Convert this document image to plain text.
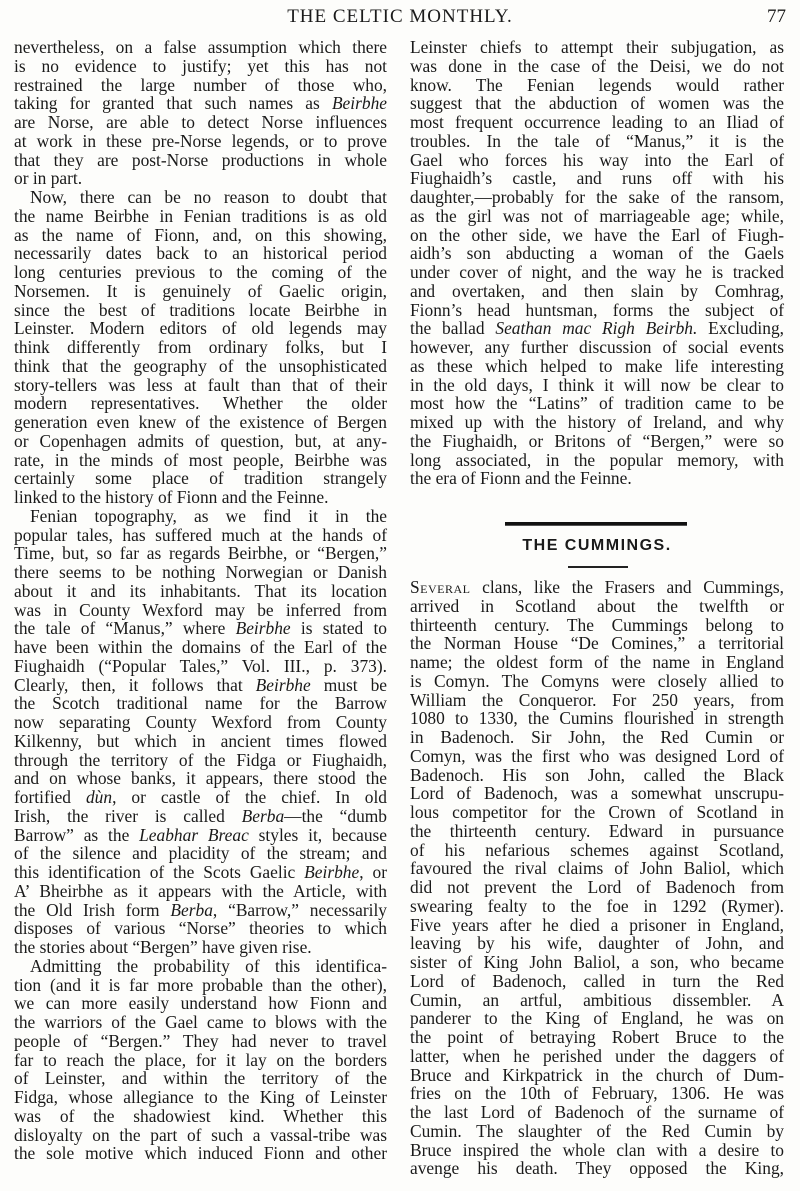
THE CELTIC MONTHLY.	77
nevertheless, on a false assumption which there
is no evidence to justify; yet this has not
restrained the large number of those who,
taking for granted that such names as Beirbhe
are Norse, are able to detect Norse influences
at work in these pre-Norse legends, or to prove
that they are post-Norse productions in whole
or in part.
Now, there can be no reason to doubt that
the name Beirbhe in Fenian traditions is as old
as the name of Fionn, and, on this showing,
necessarily dates back to an historical period
long centuries previous to the coming of the
Norsemen. It is genuinely of Gaelic origin,
since the best of traditions locate Beirbhe in
Leinster. Modern editors of old legends may
think differently from ordinary folks, but I
think that the geography of the unsophisticated
story-tellers was less at fault than that of their
modern representatives. Whether the older
generation even knew of the existence of Bergen
or Copenhagen admits of question, but, at any-
rate, in the minds of most people, Beirbhe was
certainly some place of tradition strangely
linked to the history of Fionn and the Feinne.
Fenian topography, as we find it in the
popular tales, has suffered much at the hands of
Time, but, so far as regards Beirbhe, or “Bergen,”
there seems to be nothing Norwegian or Danish
about it and its inhabitants. That its location
was in County Wexford may be inferred from
the tale of “Manus,” where Beirbhe is stated to
have been within the domains of the Earl of the
Fiughaidh (“Popular Tales,” Vol. III., p. 373).
Clearly, then, it follows that Beirbhe must be
the Scotch traditional name for the Barrow
now separating County Wexford from County
Kilkenny, but which in ancient times flowed
through the territory of the Fidga or Fiughaidh,
and on whose banks, it appears, there stood the
fortified dùn, or castle of the chief. In old
Irish, the river is called Berba—the “dumb
Barrow” as the Leabhar Breac styles it, because
of the silence and placidity of the stream; and
this identification of the Scots Gaelic Beirbhe, or
A’ Bheirbhe as it appears with the Article, with
the Old Irish form Berba, “Barrow,” necessarily
disposes of various “Norse” theories to which
the stories about “Bergen” have given rise.
Admitting the probability of this identifica-
tion (and it is far more probable than the other),
we can more easily understand how Fionn and
the warriors of the Gael came to blows with the
people of “Bergen.” They had never to travel
far to reach the place, for it lay on the borders
of Leinster, and within the territory of the
Fidga, whose allegiance to the King of Leinster
was of the shadowiest kind. Whether this
disloyalty on the part of such a vassal-tribe was
the sole motive which induced Fionn and other
Leinster chiefs to attempt their subjugation, as
was done in the case of the Deisi, we do not
know. The Fenian legends would rather
suggest that the abduction of women was the
most frequent occurrence leading to an Iliad of
troubles. In the tale of “Manus,” it is the
Gael who forces his way into the Earl of
Fiughaidh’s castle, and runs off with his
daughter,—probably for the sake of the ransom,
as the girl was not of marriageable age; while,
on the other side, we have the Earl of Fiugh-
aidh’s son abducting a woman of the Gaels
under cover of night, and the way he is tracked
and overtaken, and then slain by Comhrag,
Fionn’s head huntsman, forms the subject of
the ballad Seathan mac Righ Beirbh. Excluding,
however, any further discussion of social events
as these which helped to make life interesting
in the old days, I think it will now be clear to
most how the “Latins” of tradition came to be
mixed up with the history of Ireland, and why
the Fiughaidh, or Britons of “Bergen,” were so
long associated, in the popular memory, with
the era of Fionn and the Feinne.
THE CUMMINGS.
Several clans, like the Frasers and Cummings,
arrived in Scotland about the twelfth or
thirteenth century. The Cummings belong to
the Norman House “De Comines,” a territorial
name; the oldest form of the name in England
is Comyn. The Comyns were closely allied to
William the Conqueror. For 250 years, from
1080 to 1330, the Cumins flourished in strength
in Badenoch. Sir John, the Red Cumin or
Comyn, was the first who was designed Lord of
Badenoch. His son John, called the Black
Lord of Badenoch, was a somewhat unscrupu-
lous competitor for the Crown of Scotland in
the thirteenth century. Edward in pursuance
of his nefarious schemes against Scotland,
favoured the rival claims of John Baliol, which
did not prevent the Lord of Badenoch from
swearing fealty to the foe in 1292 (Rymer).
Five years after he died a prisoner in England,
leaving by his wife, daughter of John, and
sister of King John Baliol, a son, who became
Lord of Badenoch, called in turn the Red
Cumin, an artful, ambitious dissembler. A
panderer to the King of England, he was on
the point of betraying Robert Bruce to the
latter, when he perished under the daggers of
Bruce and Kirkpatrick in the church of Dum-
fries on the 10th of February, 1306. He was
the last Lord of Badenoch of the surname of
Cumin. The slaughter of the Red Cumin by
Bruce inspired the whole clan with a desire to
avenge his death. They opposed the King,
